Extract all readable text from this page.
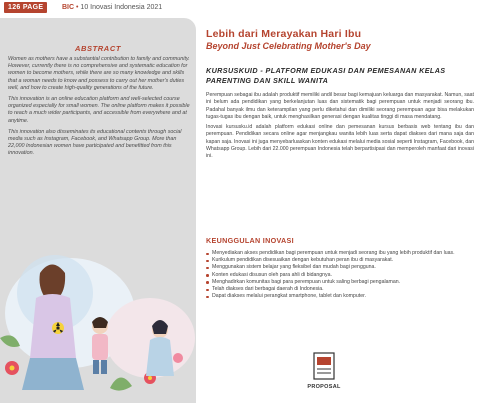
126 PAGE	BIC • 10 Inovasi Indonesia 2021
ABSTRACT

Women as mothers have a substantial contribution to family and community. However, currently there is no comprehensive and systematic education for women to become mothers, while there are so many knowledge and skills that a woman needs to know and possess to carry out her mother's duties well, and how to create high-quality generations of the future.

This innovation is an online education platform and well-selected course organized especially for small women. The online platform makes it possible to reach a much wider participants, and accessible from everywhere and at anytime.

This innovation also disseminates its educational contents through social media such as Instagram, Facebook, and Whatsapp Group. More than 22,000 Indonesian women have participated and benefitted from this innovation.

Lebih dari Merayakan Hari Ibu
Beyond Just Celebrating Mother's Day
KURSUSKUID - PLATFORM EDUKASI DAN PEMESANAN KELAS PARENTING DAN SKILL WANITA

Perempuan sebagai ibu adalah produktif memiliki andil besar bagi kemajuan keluarga dan masyarakat. Namun, saat ini belum ada pendidikan yang berkelanjutan luas dan sistematik bagi perempuan untuk menjadi seorang ibu. Padahal banyak ilmu dan keterampilan yang perlu diketahui dan dimiliki seorang perempuan agar bisa melakukan tugas-tugas ibu dengan baik, untuk menghasilkan generasi dengan kualitas tinggi di masa mendatang.

Inovasi kursusku.id adalah platform edukasi online dan pemesanan kursus berbasis web tentang ibu dan perempuan. Pendidikan secara online agar menjangkau wanita lebih luas serta dapat diakses dari mana saja dan kapan saja. Inovasi ini juga menyebarluaskan konten edukasi melalui media sosial seperti Instagram, Facebook, dan Whatsapp Group. Lebih dari 22.000 perempuan Indonesia telah berpartisipasi dan memperoleh manfaat dari inovasi ini.

KEUNGGULAN INOVASI
Menyediakan akses pendidikan bagi perempuan untuk menjadi seorang ibu yang lebih produktif dan luas.
Kurikulum pendidikan disesuaikan dengan kebutuhan peran ibu di masyarakat.
Menggunakan sistem belajar yang fleksibel dan mudah bagi pengguna.
Konten edukasi disusun oleh para ahli di bidangnya.
Menghadirkan komunitas bagi para perempuan untuk saling berbagi pengalaman.
Telah diakses dari berbagai daerah di Indonesia.
Dapat diakses melalui perangkat smartphone, tablet dan komputer.
PROPOSAL
